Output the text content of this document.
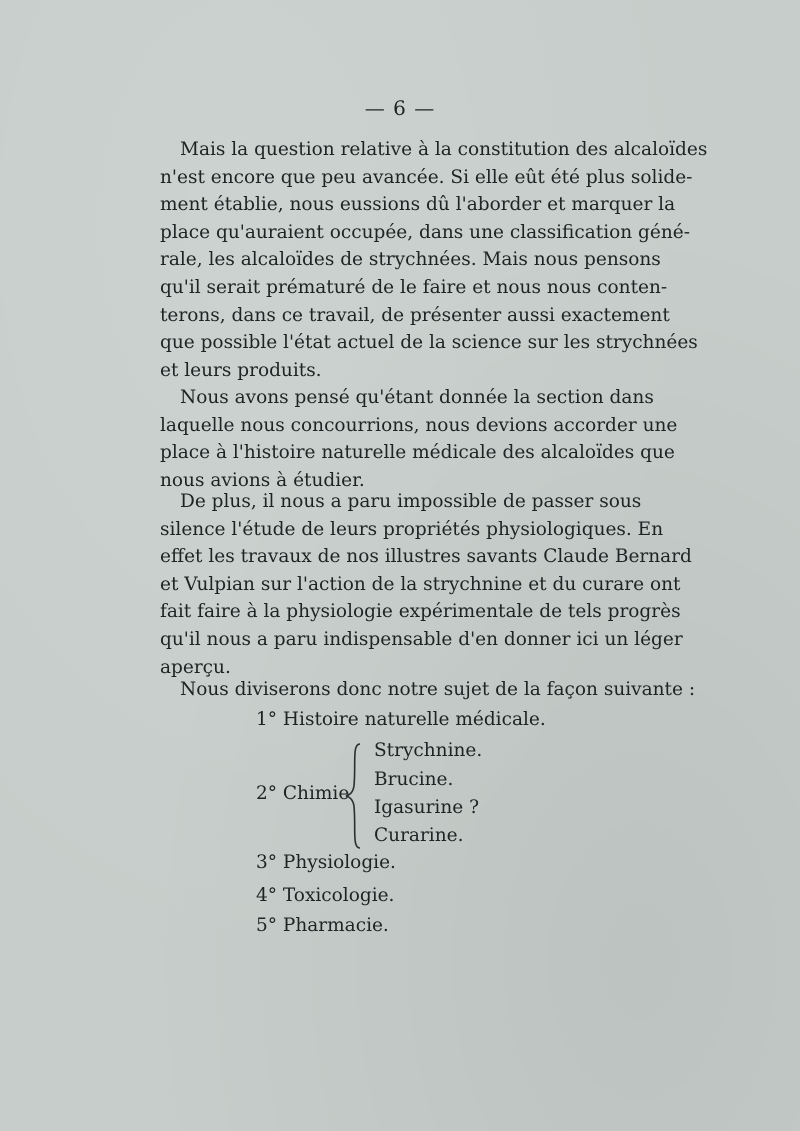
— 6 —
Mais la question relative à la constitution des alcaloïdes
n'est encore que peu avancée. Si elle eût été plus solide-
ment établie, nous eussions dû l'aborder et marquer la
place qu'auraient occupée, dans une classification géné-
rale, les alcaloïdes de strychnées. Mais nous pensons
qu'il serait prématuré de le faire et nous nous conten-
terons, dans ce travail, de présenter aussi exactement
que possible l'état actuel de la science sur les strychnées
et leurs produits.
Nous avons pensé qu'étant donnée la section dans
laquelle nous concourrions, nous devions accorder une
place à l'histoire naturelle médicale des alcaloïdes que
nous avions à étudier.
De plus, il nous a paru impossible de passer sous
silence l'étude de leurs propriétés physiologiques. En
effet les travaux de nos illustres savants Claude Bernard
et Vulpian sur l'action de la strychnine et du curare ont
fait faire à la physiologie expérimentale de tels progrès
qu'il nous a paru indispensable d'en donner ici un léger
aperçu.
Nous diviserons donc notre sujet de la façon suivante :
1° Histoire naturelle médicale.
2° Chimie
Strychnine.
Brucine.
Igasurine ?
Curarine.
3° Physiologie.
4° Toxicologie.
5° Pharmacie.
